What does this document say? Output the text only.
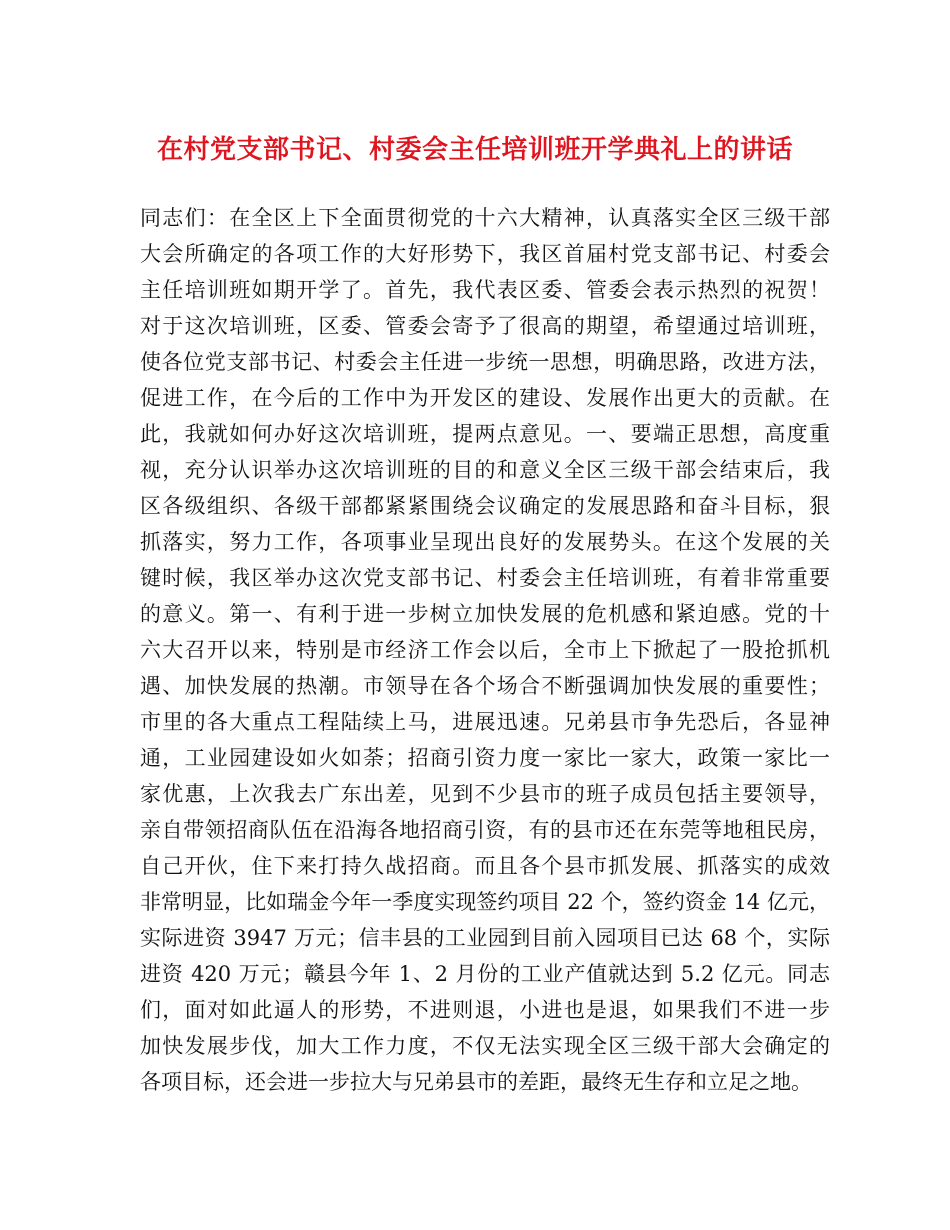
在村党支部书记、村委会主任培训班开学典礼上的讲话
同志们：在全区上下全面贯彻党的十六大精神，认真落实全区三级干部
大会所确定的各项工作的大好形势下，我区首届村党支部书记、村委会
主任培训班如期开学了。首先，我代表区委、管委会表示热烈的祝贺！
对于这次培训班，区委、管委会寄予了很高的期望，希望通过培训班，
使各位党支部书记、村委会主任进一步统一思想，明确思路，改进方法，
促进工作，在今后的工作中为开发区的建设、发展作出更大的贡献。在
此，我就如何办好这次培训班，提两点意见。一、要端正思想，高度重
视，充分认识举办这次培训班的目的和意义全区三级干部会结束后，我
区各级组织、各级干部都紧紧围绕会议确定的发展思路和奋斗目标，狠
抓落实，努力工作，各项事业呈现出良好的发展势头。在这个发展的关
键时候，我区举办这次党支部书记、村委会主任培训班，有着非常重要
的意义。第一、有利于进一步树立加快发展的危机感和紧迫感。党的十
六大召开以来，特别是市经济工作会以后，全市上下掀起了一股抢抓机
遇、加快发展的热潮。市领导在各个场合不断强调加快发展的重要性；
市里的各大重点工程陆续上马，进展迅速。兄弟县市争先恐后，各显神
通，工业园建设如火如荼；招商引资力度一家比一家大，政策一家比一
家优惠，上次我去广东出差，见到不少县市的班子成员包括主要领导，
亲自带领招商队伍在沿海各地招商引资，有的县市还在东莞等地租民房，
自己开伙，住下来打持久战招商。而且各个县市抓发展、抓落实的成效
非常明显，比如瑞金今年一季度实现签约项目 22 个，签约资金 14 亿元，
实际进资 3947 万元；信丰县的工业园到目前入园项目已达 68 个，实际
进资 420 万元；赣县今年 1、2 月份的工业产值就达到 5.2 亿元。同志
们，面对如此逼人的形势，不进则退，小进也是退，如果我们不进一步
加快发展步伐，加大工作力度，不仅无法实现全区三级干部大会确定的
各项目标，还会进一步拉大与兄弟县市的差距，最终无生存和立足之地。
